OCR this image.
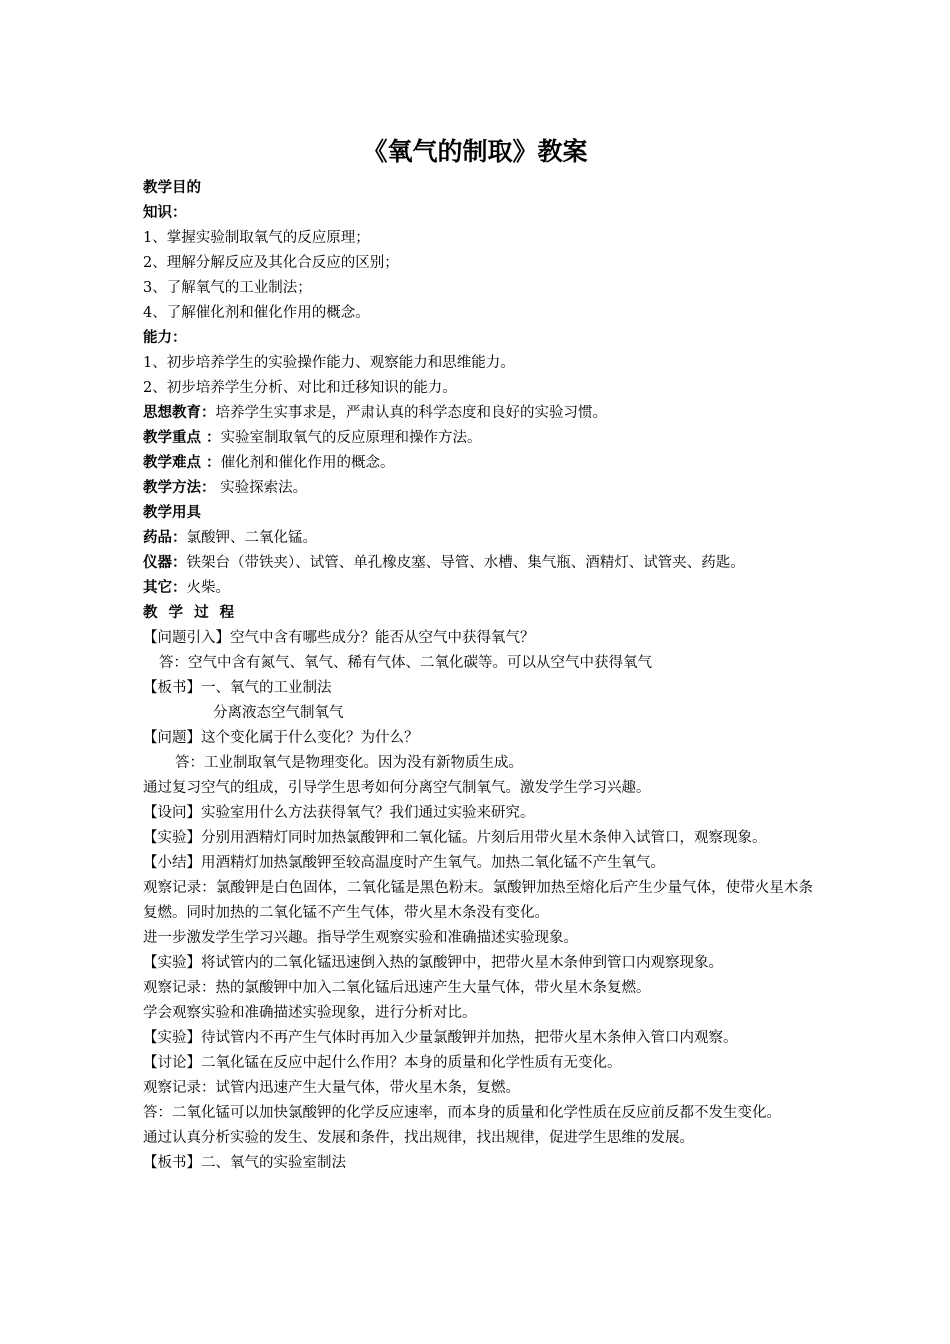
《氧气的制取》教案
教学目的
知识：
1、掌握实验制取氧气的反应原理；
2、理解分解反应及其化合反应的区别；
3、了解氧气的工业制法；
4、了解催化剂和催化作用的概念。
能力：
1、初步培养学生的实验操作能力、观察能力和思维能力。
2、初步培养学生分析、对比和迁移知识的能力。
思想教育：培养学生实事求是，严肃认真的科学态度和良好的实验习惯。
教学重点 ：实验室制取氧气的反应原理和操作方法。
教学难点 ：催化剂和催化作用的概念。
教学方法： 实验探索法。
教学用具
药品：氯酸钾、二氧化锰。
仪器：铁架台（带铁夹）、试管、单孔橡皮塞、导管、水槽、集气瓶、酒精灯、试管夹、药匙。
其它：火柴。
教 学 过 程
【问题引入】空气中含有哪些成分？能否从空气中获得氧气？
答：空气中含有氮气、氧气、稀有气体、二氧化碳等。可以从空气中获得氧气
【板书】一、氧气的工业制法
分离液态空气制氧气
【问题】这个变化属于什么变化？为什么？
答：工业制取氧气是物理变化。因为没有新物质生成。
通过复习空气的组成，引导学生思考如何分离空气制氧气。激发学生学习兴趣。
【设问】实验室用什么方法获得氧气？我们通过实验来研究。
【实验】分别用酒精灯同时加热氯酸钾和二氧化锰。片刻后用带火星木条伸入试管口，观察现象。
【小结】用酒精灯加热氯酸钾至较高温度时产生氧气。加热二氧化锰不产生氧气。
观察记录：氯酸钾是白色固体，二氧化锰是黑色粉末。氯酸钾加热至熔化后产生少量气体，使带火星木条复燃。同时加热的二氧化锰不产生气体，带火星木条没有变化。
进一步激发学生学习兴趣。指导学生观察实验和准确描述实验现象。
【实验】将试管内的二氧化锰迅速倒入热的氯酸钾中，把带火星木条伸到管口内观察现象。
观察记录：热的氯酸钾中加入二氧化锰后迅速产生大量气体，带火星木条复燃。
学会观察实验和准确描述实验现象，进行分析对比。
【实验】待试管内不再产生气体时再加入少量氯酸钾并加热，把带火星木条伸入管口内观察。
【讨论】二氧化锰在反应中起什么作用？本身的质量和化学性质有无变化。
观察记录：试管内迅速产生大量气体，带火星木条，复燃。
答：二氧化锰可以加快氯酸钾的化学反应速率，而本身的质量和化学性质在反应前反都不发生变化。
通过认真分析实验的发生、发展和条件，找出规律，找出规律，促进学生思维的发展。
【板书】二、氧气的实验室制法
